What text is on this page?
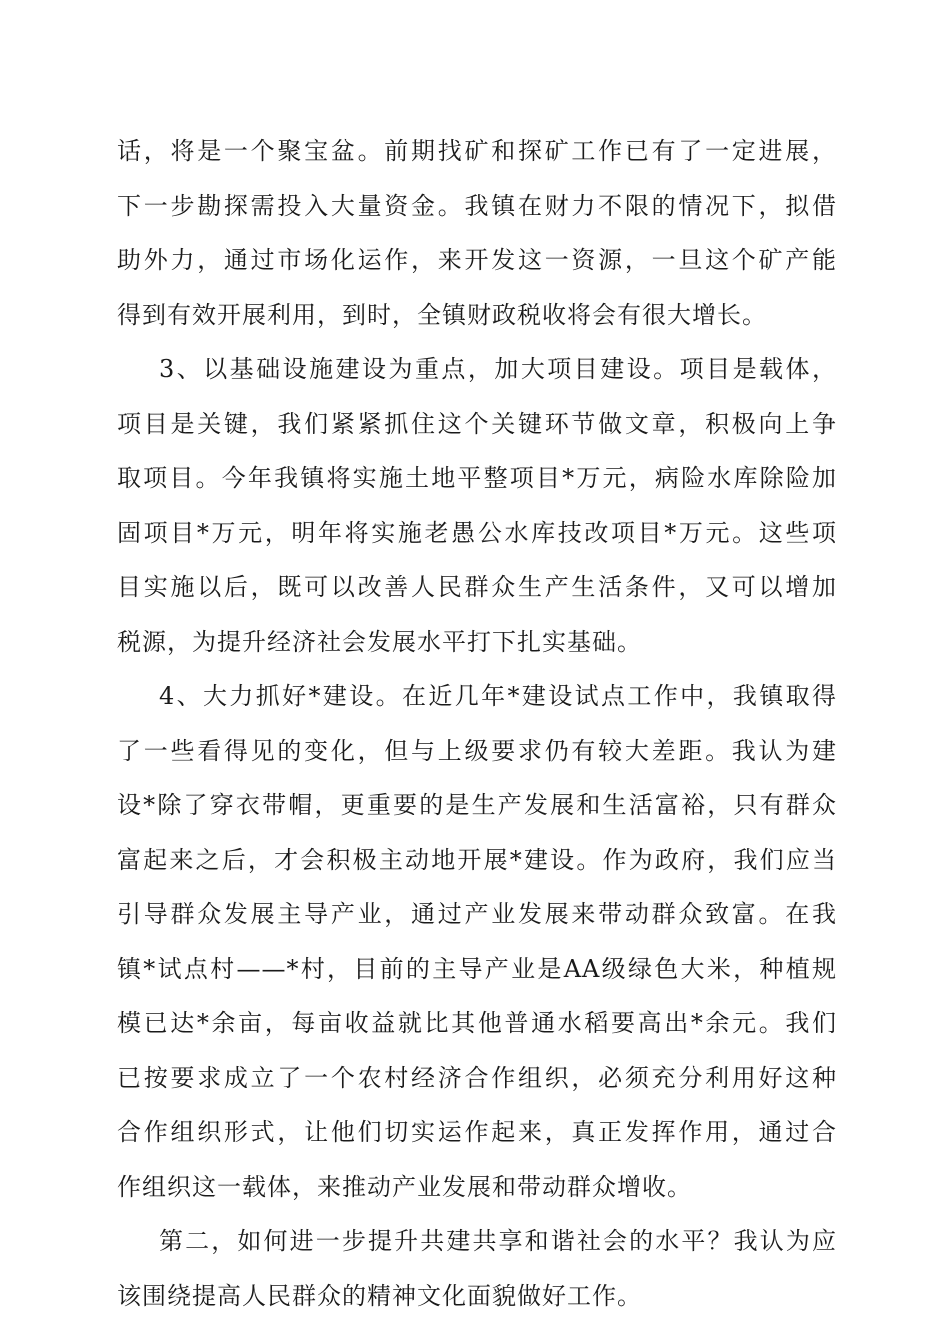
话，将是一个聚宝盆。前期找矿和探矿工作已有了一定进展，
下一步勘探需投入大量资金。我镇在财力不限的情况下，拟借
助外力，通过市场化运作，来开发这一资源，一旦这个矿产能
得到有效开展利用，到时，全镇财政税收将会有很大增长。
3、以基础设施建设为重点，加大项目建设。项目是载体，
项目是关键，我们紧紧抓住这个关键环节做文章，积极向上争
取项目。今年我镇将实施土地平整项目*万元，病险水库除险加
固项目*万元，明年将实施老愚公水库技改项目*万元。这些项
目实施以后，既可以改善人民群众生产生活条件，又可以增加
税源，为提升经济社会发展水平打下扎实基础。
4、大力抓好*建设。在近几年*建设试点工作中，我镇取得
了一些看得见的变化，但与上级要求仍有较大差距。我认为建
设*除了穿衣带帽，更重要的是生产发展和生活富裕，只有群众
富起来之后，才会积极主动地开展*建设。作为政府，我们应当
引导群众发展主导产业，通过产业发展来带动群众致富。在我
镇*试点村——*村，目前的主导产业是AA级绿色大米，种植规
模已达*余亩，每亩收益就比其他普通水稻要高出*余元。我们
已按要求成立了一个农村经济合作组织，必须充分利用好这种
合作组织形式，让他们切实运作起来，真正发挥作用，通过合
作组织这一载体，来推动产业发展和带动群众增收。
第二，如何进一步提升共建共享和谐社会的水平？我认为应
该围绕提高人民群众的精神文化面貌做好工作。
